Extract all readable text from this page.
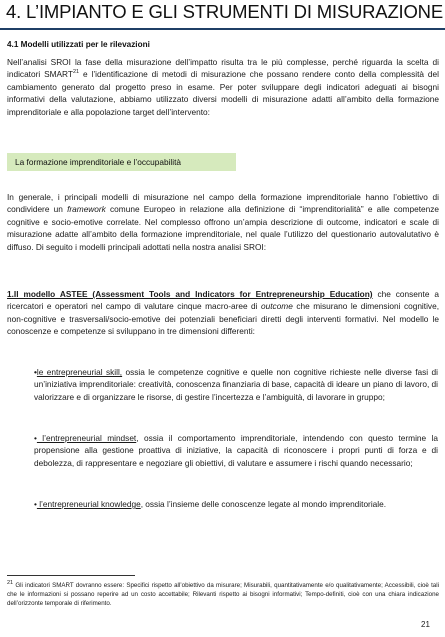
4. L’IMPIANTO E GLI STRUMENTI DI MISURAZIONE
4.1 Modelli utilizzati per le rilevazioni
Nell’analisi SROI la fase della misurazione dell’impatto risulta tra le più complesse, perché riguarda la scelta di indicatori SMART$^{21}$ e l’identificazione di metodi di misurazione che possano rendere conto della complessità del cambiamento generato dal progetto preso in esame. Per poter sviluppare degli indicatori adeguati ai bisogni informativi della valutazione, abbiamo utilizzato diversi modelli di misurazione adatti all’ambito della formazione imprenditoriale e alla popolazione target dell’intervento:
La formazione imprenditoriale e l’occupabilità
In generale, i principali modelli di misurazione nel campo della formazione imprenditoriale hanno l’obiettivo di condividere un framework comune Europeo in relazione alla definizione di “imprenditorialità” e alle competenze cognitive e socio-emotive correlate. Nel complesso offrono un’ampia descrizione di outcome, indicatori e scale di misurazione adatte all’ambito della formazione imprenditoriale, nel quale l’utilizzo del questionario autovalutativo è diffuso. Di seguito i modelli principali adottati nella nostra analisi SROI:
1.Il modello ASTEE (Assessment Tools and Indicators for Entrepreneurship Education) che consente a ricercatori e operatori nel campo di valutare cinque macro-aree di outcome che misurano le dimensioni cognitive, non-cognitive e trasversali/socio-emotive dei potenziali beneficiari diretti degli interventi formativi. Nel modello le conoscenze e competenze si sviluppano in tre dimensioni differenti:
•le entrepreneurial skill, ossia le competenze cognitive e quelle non cognitive richieste nelle diverse fasi di un’iniziativa imprenditoriale: creatività, conoscenza finanziaria di base, capacità di ideare un piano di lavoro, di valorizzare e di organizzare le risorse, di gestire l’incertezza e l’ambiguità, di lavorare in gruppo;
• l’entrepreneurial mindset, ossia il comportamento imprenditoriale, intendendo con questo termine la propensione alla gestione proattiva di iniziative, la capacità di riconoscere i propri punti di forza e di debolezza, di rappresentare e negoziare gli obiettivi, di valutare e assumere i rischi quando necessario;
• l’entrepreneurial knowledge, ossia l’insieme delle conoscenze legate al mondo imprenditoriale.
$^{21}$ Gli indicatori SMART dovranno essere: Specifici rispetto all’obiettivo da misurare; Misurabili, quantitativamente e/o qualitativamente; Accessibili, cioè tali che le informazioni si possano reperire ad un costo accettabile; Rilevanti rispetto ai bisogni informativi; Tempo-definiti, cioè con una chiara indicazione dell’orizzonte temporale di riferimento.
21
